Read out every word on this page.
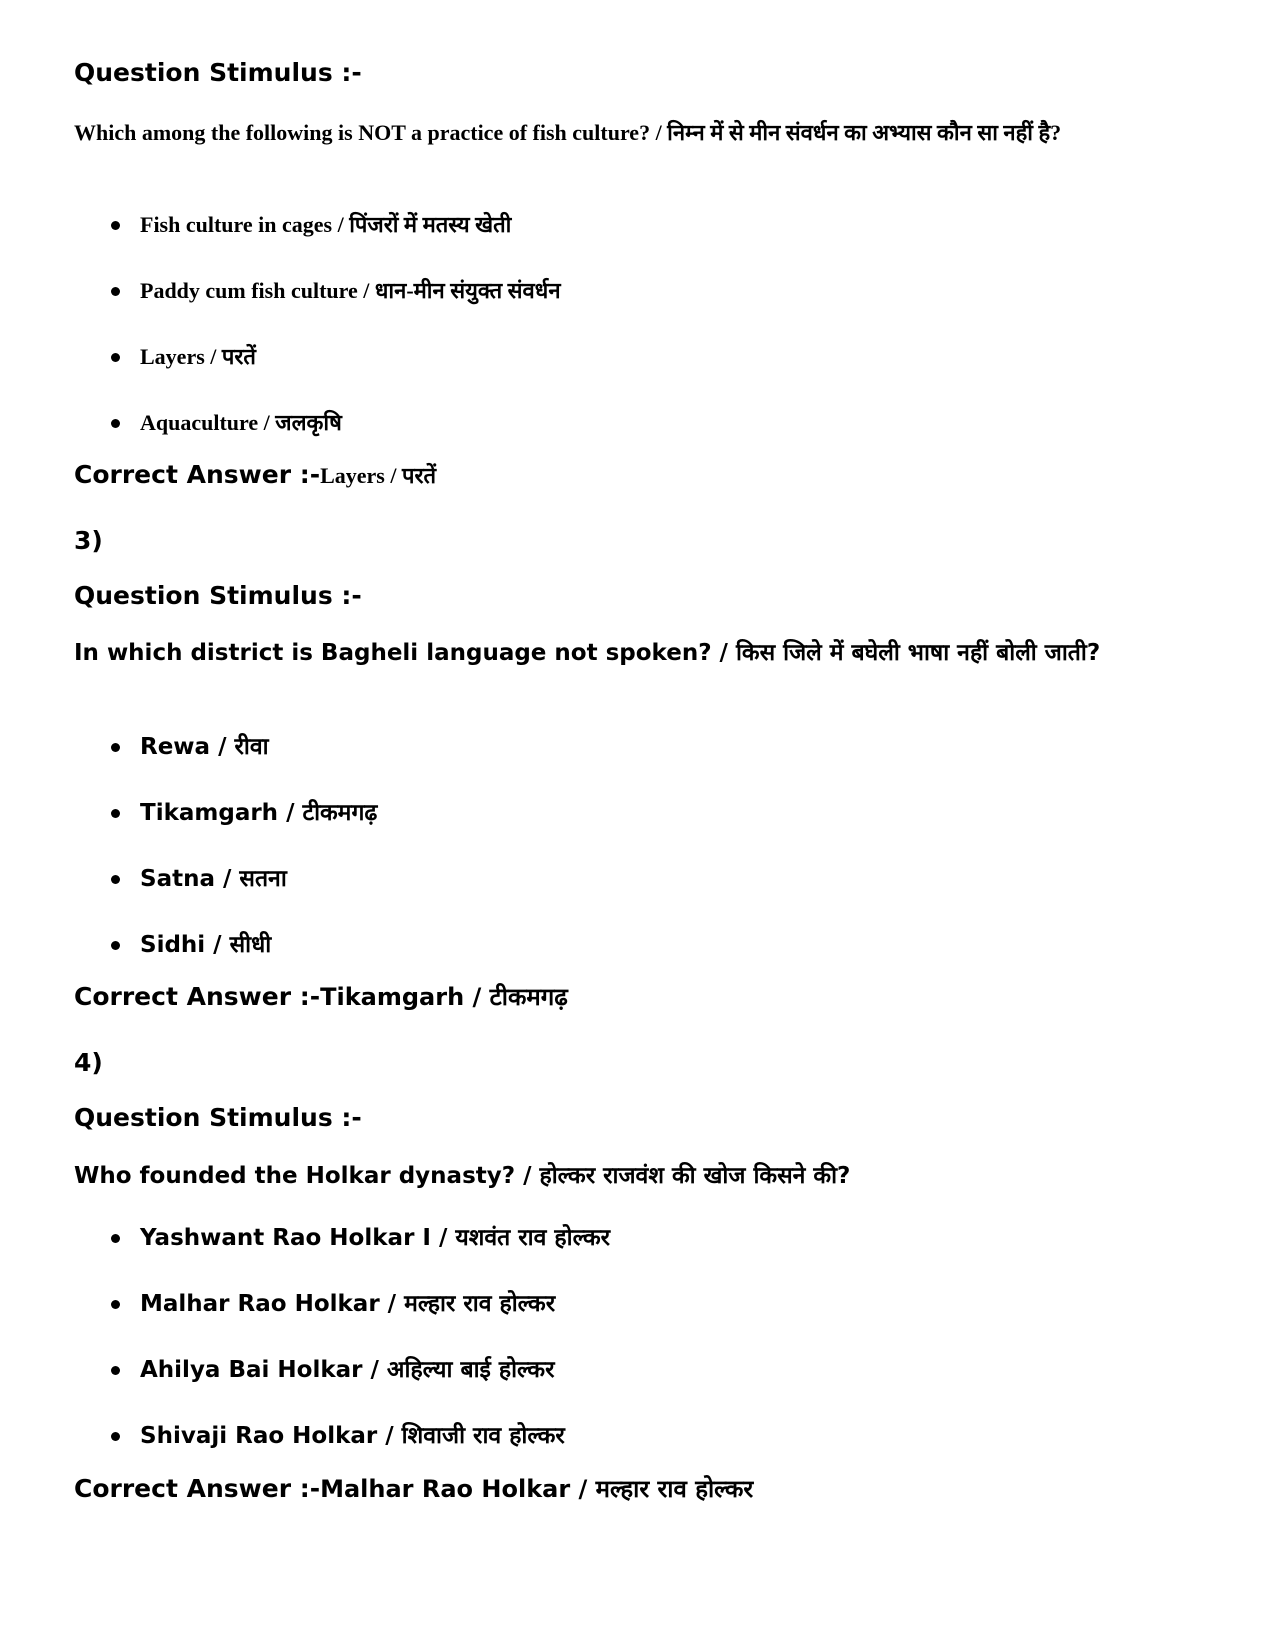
Question Stimulus :-

Which among the following is NOT a practice of fish culture? / निम्न में से मीन संवर्धन का अभ्यास कौन सा नहीं है?

Fish culture in cages / पिंजरों में मतस्य खेती
Paddy cum fish culture / धान-मीन संयुक्त संवर्धन
Layers / परतें
Aquaculture / जलकृषि

Correct Answer :-Layers / परतें

3)

Question Stimulus :-

In which district is Bagheli language not spoken? / किस जिले में बघेली भाषा नहीं बोली जाती?

Rewa / रीवा
Tikamgarh / टीकमगढ़
Satna / सतना
Sidhi / सीधी

Correct Answer :-Tikamgarh / टीकमगढ़

4)

Question Stimulus :-

Who founded the Holkar dynasty? / होल्कर राजवंश की खोज किसने की?

Yashwant Rao Holkar I / यशवंत राव होल्कर
Malhar Rao Holkar / मल्हार राव होल्कर
Ahilya Bai Holkar / अहिल्या बाई होल्कर
Shivaji Rao Holkar / शिवाजी राव होल्कर

Correct Answer :-Malhar Rao Holkar / मल्हार राव होल्कर
